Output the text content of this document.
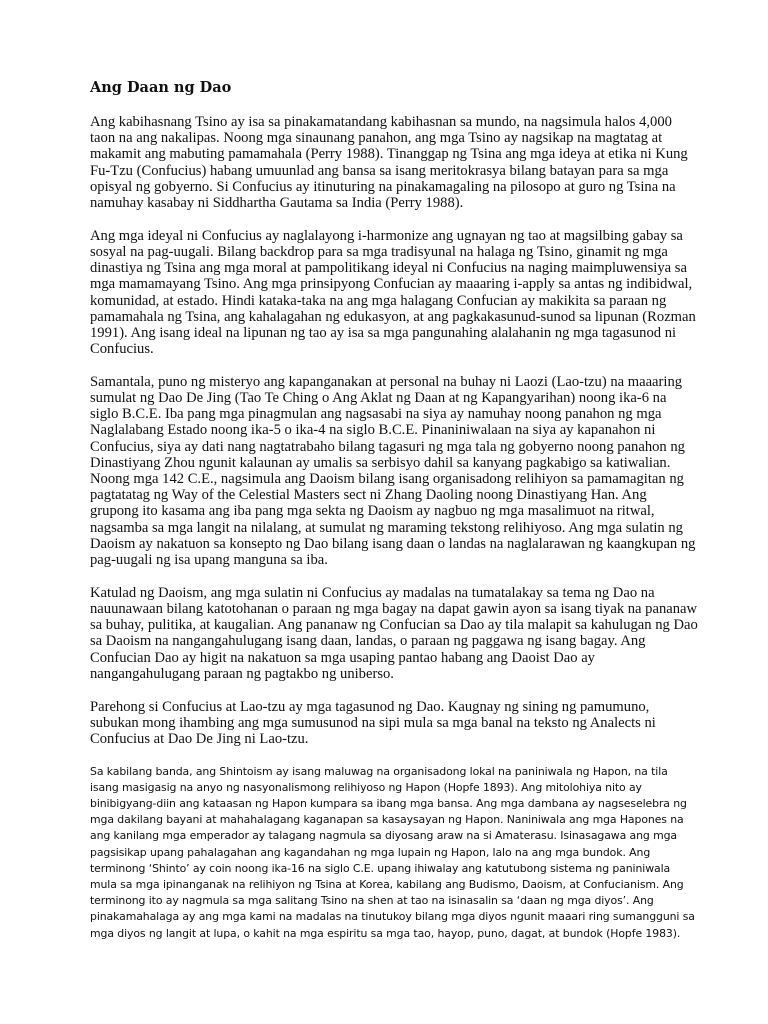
Ang Daan ng Dao

Ang kabihasnang Tsino ay isa sa pinakamatandang kabihasnan sa mundo, na nagsimula halos 4,000 taon na ang nakalipas. Noong mga sinaunang panahon, ang mga Tsino ay nagsikap na magtatag at makamit ang mabuting pamamahala (Perry 1988). Tinanggap ng Tsina ang mga ideya at etika ni Kung Fu-Tzu (Confucius) habang umuunlad ang bansa sa isang meritokrasya bilang batayan para sa mga opisyal ng gobyerno. Si Confucius ay itinuturing na pinakamagaling na pilosopo at guro ng Tsina na namuhay kasabay ni Siddhartha Gautama sa India (Perry 1988).

Ang mga ideyal ni Confucius ay naglalayong i-harmonize ang ugnayan ng tao at magsilbing gabay sa sosyal na pag-uugali. Bilang backdrop para sa mga tradisyunal na halaga ng Tsino, ginamit ng mga dinastiya ng Tsina ang mga moral at pampolitikang ideyal ni Confucius na naging maimpluwensiya sa mga mamamayang Tsino. Ang mga prinsipyong Confucian ay maaaring i-apply sa antas ng indibidwal, komunidad, at estado. Hindi kataka-taka na ang mga halagang Confucian ay makikita sa paraan ng pamamahala ng Tsina, ang kahalagahan ng edukasyon, at ang pagkakasunud-sunod sa lipunan (Rozman 1991). Ang isang ideal na lipunan ng tao ay isa sa mga pangunahing alalahanin ng mga tagasunod ni Confucius.

Samantala, puno ng misteryo ang kapanganakan at personal na buhay ni Laozi (Lao-tzu) na maaaring sumulat ng Dao De Jing (Tao Te Ching o Ang Aklat ng Daan at ng Kapangyarihan) noong ika-6 na siglo B.C.E. Iba pang mga pinagmulan ang nagsasabi na siya ay namuhay noong panahon ng mga Naglalabang Estado noong ika-5 o ika-4 na siglo B.C.E. Pinaniniwalaan na siya ay kapanahon ni Confucius, siya ay dati nang nagtatrabaho bilang tagasuri ng mga tala ng gobyerno noong panahon ng Dinastiyang Zhou ngunit kalaunan ay umalis sa serbisyo dahil sa kanyang pagkabigo sa katiwalian. Noong mga 142 C.E., nagsimula ang Daoism bilang isang organisadong relihiyon sa pamamagitan ng pagtatatag ng Way of the Celestial Masters sect ni Zhang Daoling noong Dinastiyang Han. Ang grupong ito kasama ang iba pang mga sekta ng Daoism ay nagbuo ng mga masalimuot na ritwal, nagsamba sa mga langit na nilalang, at sumulat ng maraming tekstong relihiyoso. Ang mga sulatin ng Daoism ay nakatuon sa konsepto ng Dao bilang isang daan o landas na naglalarawan ng kaangkupan ng pag-uugali ng isa upang manguna sa iba.

Katulad ng Daoism, ang mga sulatin ni Confucius ay madalas na tumatalakay sa tema ng Dao na nauunawaan bilang katotohanan o paraan ng mga bagay na dapat gawin ayon sa isang tiyak na pananaw sa buhay, pulitika, at kaugalian. Ang pananaw ng Confucian sa Dao ay tila malapit sa kahulugan ng Dao sa Daoism na nangangahulugang isang daan, landas, o paraan ng paggawa ng isang bagay. Ang Confucian Dao ay higit na nakatuon sa mga usaping pantao habang ang Daoist Dao ay nangangahulugang paraan ng pagtakbo ng uniberso.

Parehong si Confucius at Lao-tzu ay mga tagasunod ng Dao. Kaugnay ng sining ng pamumuno, subukan mong ihambing ang mga sumusunod na sipi mula sa mga banal na teksto ng Analects ni Confucius at Dao De Jing ni Lao-tzu.

Sa kabilang banda, ang Shintoism ay isang maluwag na organisadong lokal na paniniwala ng Hapon, na tila isang masigasig na anyo ng nasyonalismong relihiyoso ng Hapon (Hopfe 1893). Ang mitolohiya nito ay binibigyang-diin ang kataasan ng Hapon kumpara sa ibang mga bansa. Ang mga dambana ay nagseselebra ng mga dakilang bayani at mahahalagang kaganapan sa kasaysayan ng Hapon. Naniniwala ang mga Hapones na ang kanilang mga emperador ay talagang nagmula sa diyosang araw na si Amaterasu. Isinasagawa ang mga pagsisikap upang pahalagahan ang kagandahan ng mga lupain ng Hapon, lalo na ang mga bundok. Ang terminong ‘Shinto’ ay coin noong ika-16 na siglo C.E. upang ihiwalay ang katutubong sistema ng paniniwala mula sa mga ipinanganak na relihiyon ng Tsina at Korea, kabilang ang Budismo, Daoism, at Confucianism. Ang terminong ito ay nagmula sa mga salitang Tsino na shen at tao na isinasalin sa ‘daan ng mga diyos’. Ang pinakamahalaga ay ang mga kami na madalas na tinutukoy bilang mga diyos ngunit maaari ring sumangguni sa mga diyos ng langit at lupa, o kahit na mga espiritu sa mga tao, hayop, puno, dagat, at bundok (Hopfe 1983).
